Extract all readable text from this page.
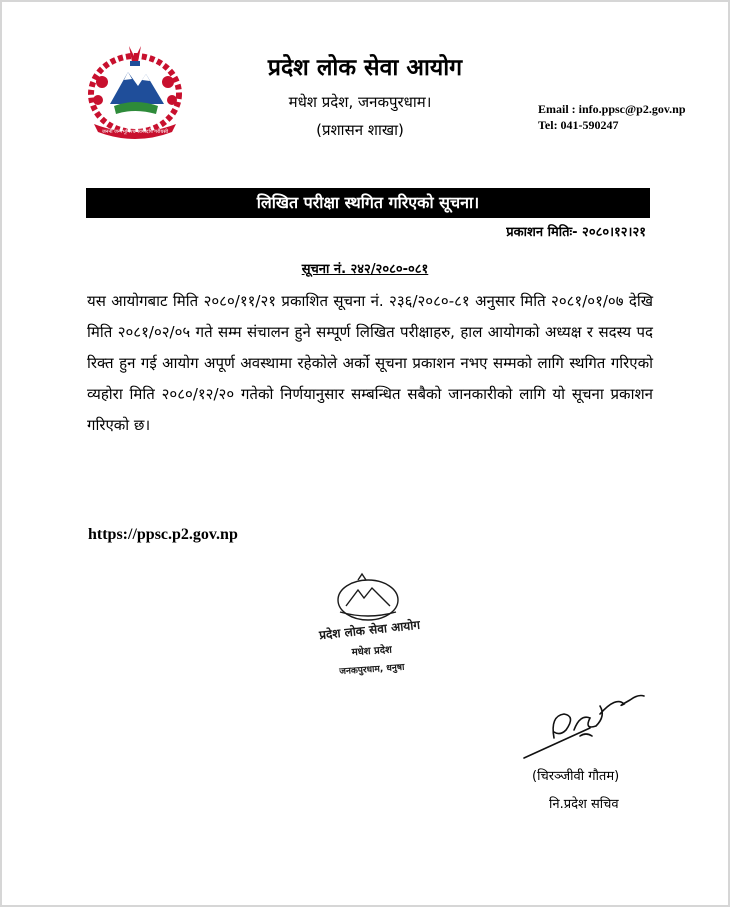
जननी जन्मभूमिश्च स्वर्गादपि गरीयसी
प्रदेश लोक सेवा आयोग
मधेश प्रदेश, जनकपुरधाम।
(प्रशासन शाखा)
Email : info.ppsc@p2.gov.np
Tel: 041-590247
लिखित परीक्षा स्थगित गरिएको सूचना।
प्रकाशन मितिः- २०८०।१२।२१
सूचना नं. २४२/२०८०-०८१
यस आयोगबाट मिति २०८०/११/२१ प्रकाशित सूचना नं. २३६/२०८०-८१ अनुसार मिति २०८१/०१/०७ देखि मिति २०८१/०२/०५ गते सम्म संचालन हुने सम्पूर्ण लिखित परीक्षाहरु, हाल आयोगको अध्यक्ष र सदस्य पद रिक्त हुन गई आयोग अपूर्ण अवस्थामा रहेकोले अर्को सूचना प्रकाशन नभए सम्मको लागि स्थगित गरिएको व्यहोरा मिति २०८०/१२/२० गतेको निर्णयानुसार सम्बन्धित सबैको जानकारीको लागि यो सूचना प्रकाशन गरिएको छ।
https://ppsc.p2.gov.np
प्रदेश लोक सेवा आयोग
मधेश प्रदेश
जनकपुरधाम, धनुषा
(चिरञ्जीवी गौतम)
नि.प्रदेश सचिव
